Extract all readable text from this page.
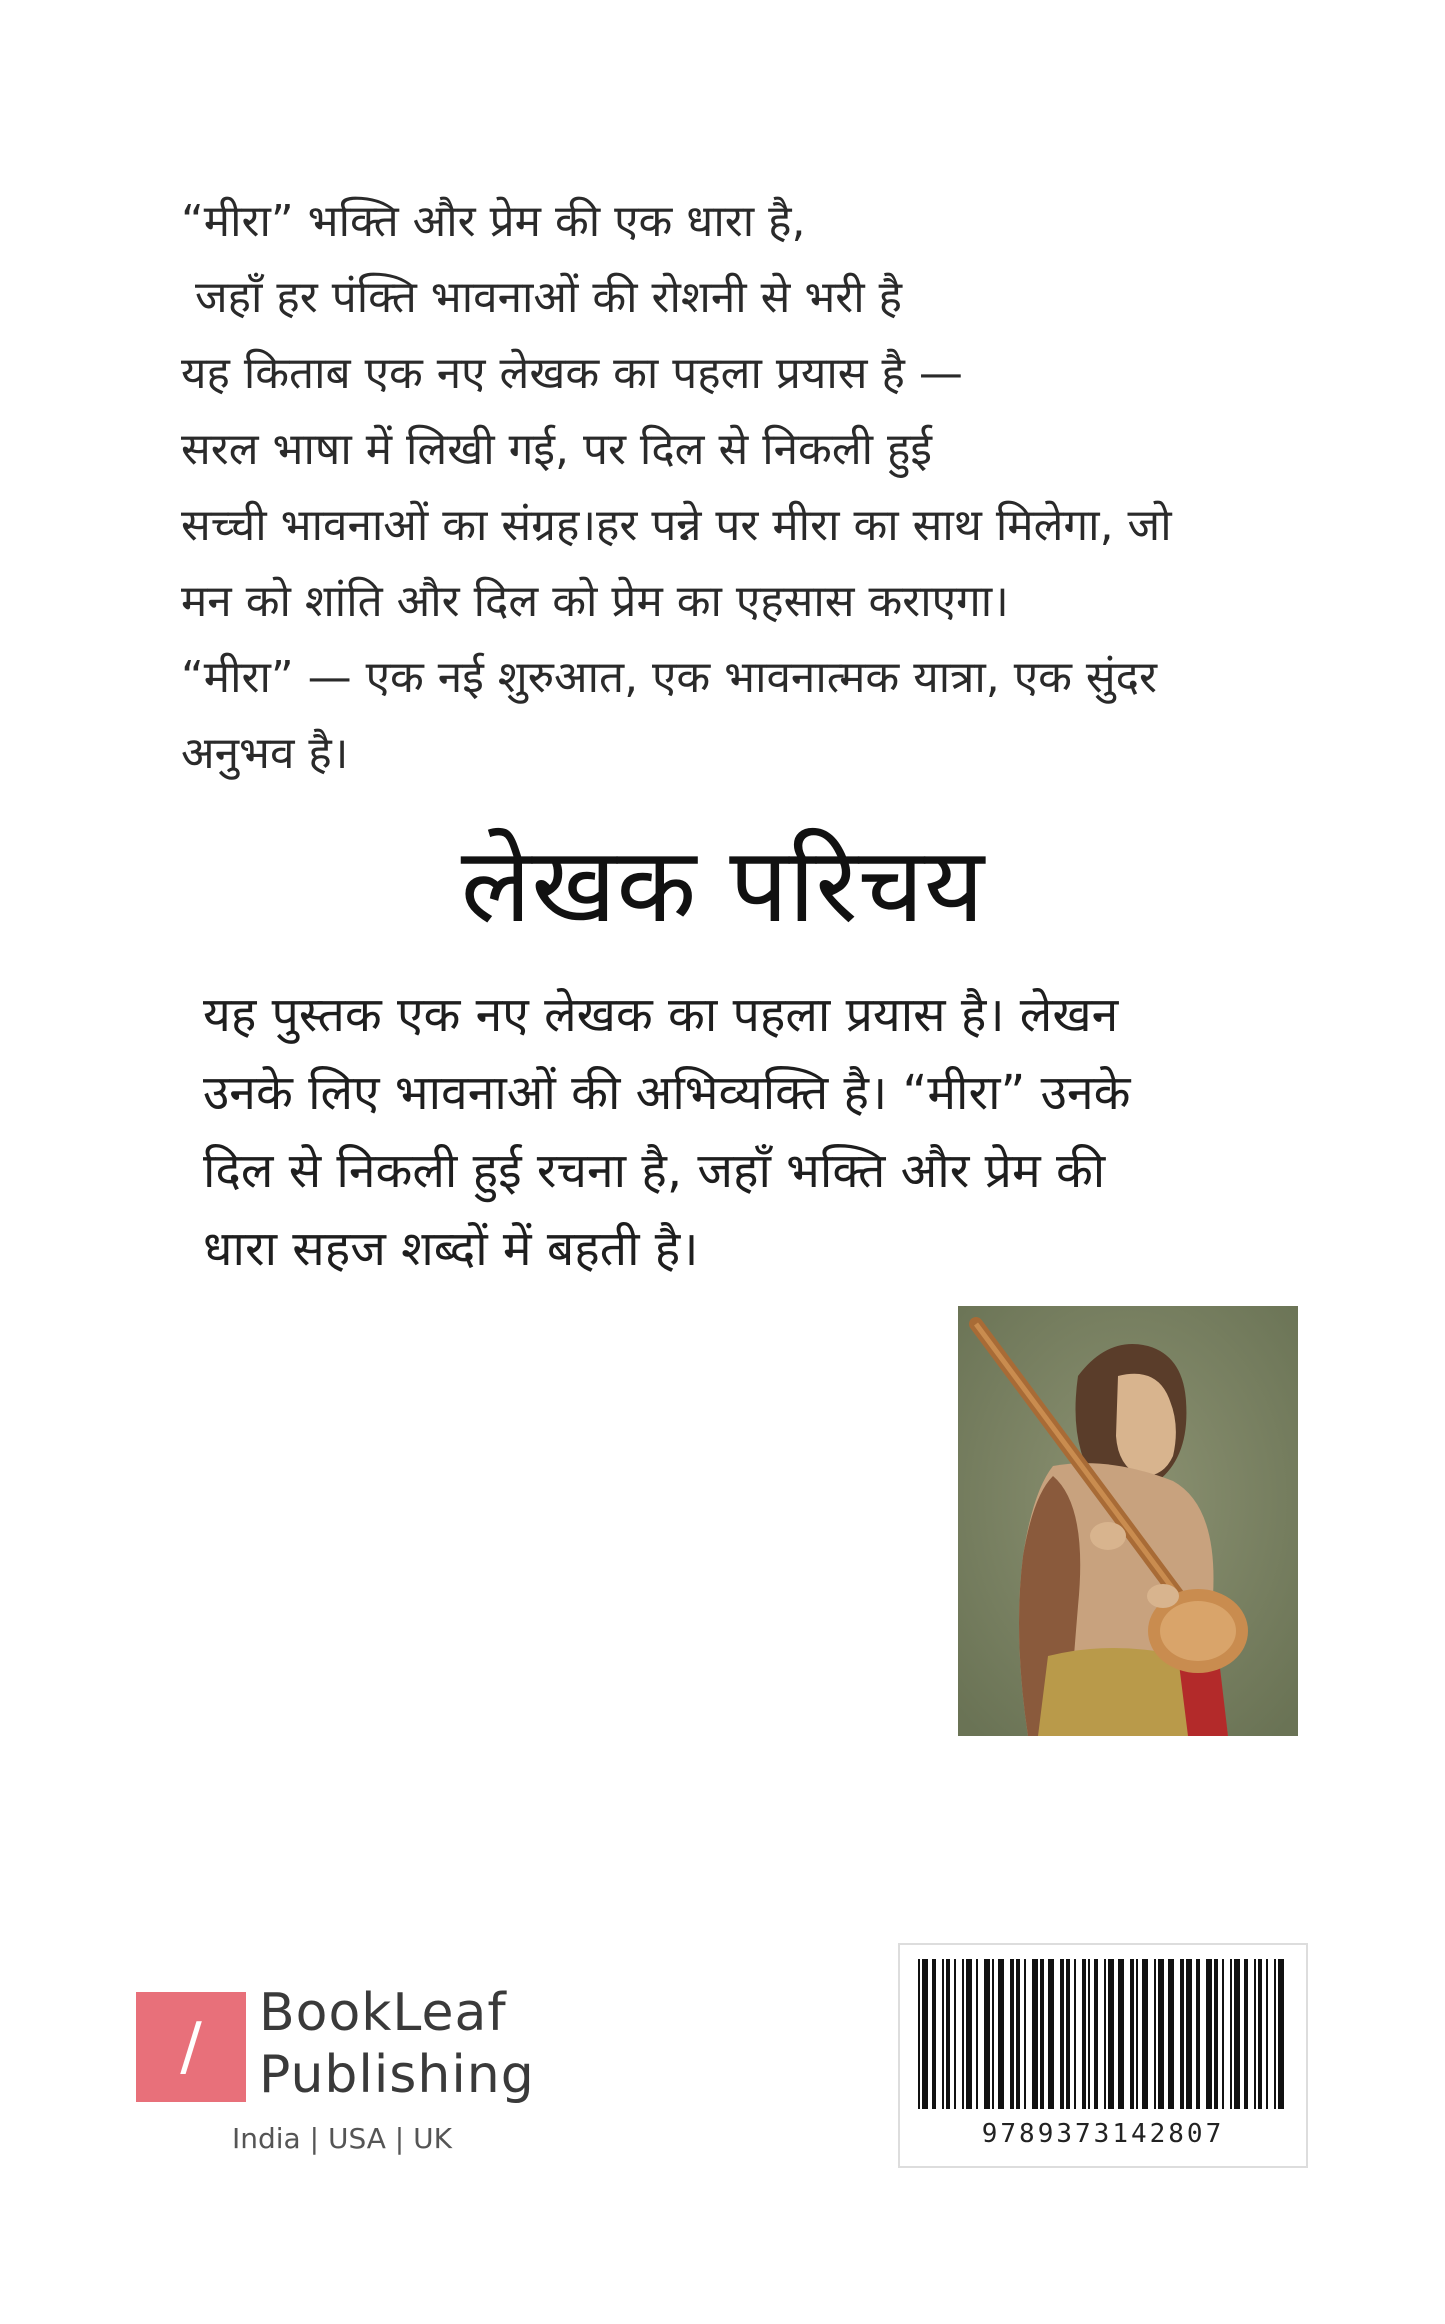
“मीरा” भक्ति और प्रेम की एक धारा है,
जहाँ हर पंक्ति भावनाओं की रोशनी से भरी है
यह किताब एक नए लेखक का पहला प्रयास है —
सरल भाषा में लिखी गई, पर दिल से निकली हुई
सच्ची भावनाओं का संग्रह।हर पन्ने पर मीरा का साथ मिलेगा, जो
मन को शांति और दिल को प्रेम का एहसास कराएगा।
“मीरा” — एक नई शुरुआत, एक भावनात्मक यात्रा, एक सुंदर
अनुभव है।
लेखक परिचय
यह पुस्तक एक नए लेखक का पहला प्रयास है। लेखन
उनके लिए भावनाओं की अभिव्यक्ति है। “मीरा” उनके
दिल से निकली हुई रचना है, जहाँ भक्ति और प्रेम की
धारा सहज शब्दों में बहती है।
/	BookLeaf
Publishing
India | USA | UK	9789373142807
